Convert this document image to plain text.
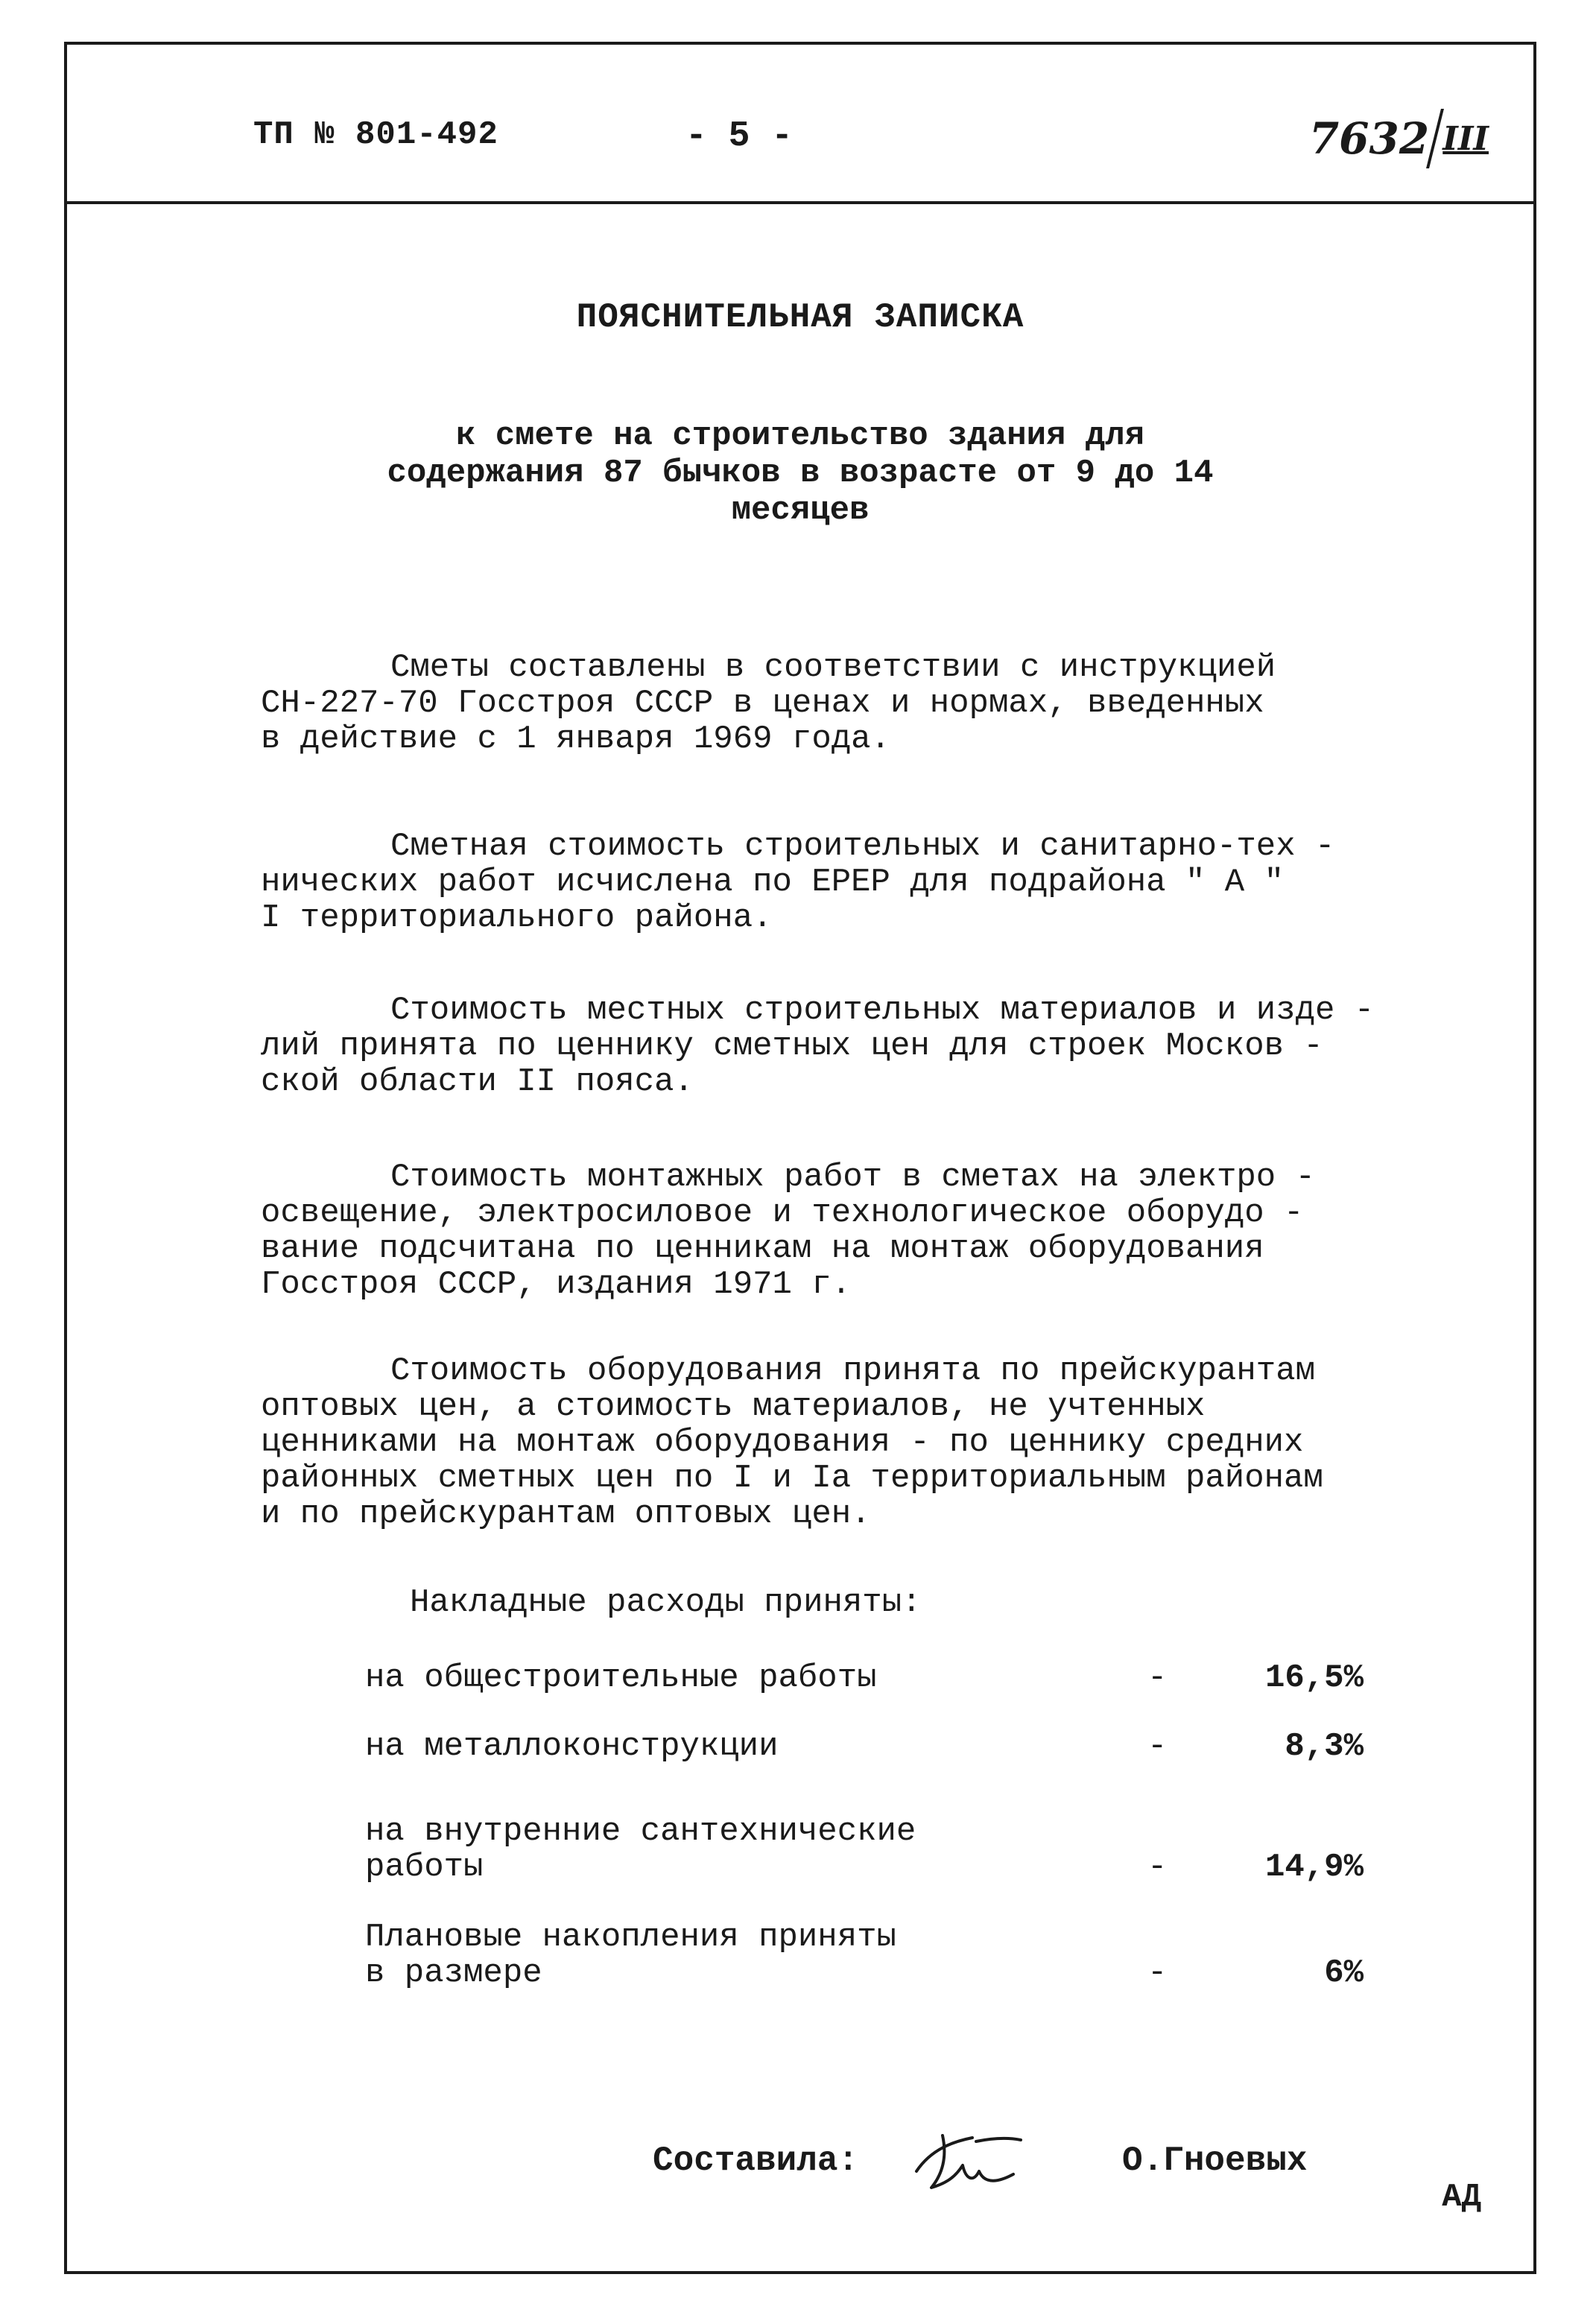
ТП № 801-492	- 5 -	7632 III
ПОЯСНИТЕЛЬНАЯ ЗАПИСКА
к смете на строительство здания для
содержания 87 бычков в возрасте от 9 до 14
месяцев
Сметы составлены в соответствии с инструкцией
СН-227-70 Госстроя СССР в ценах и нормах, введенных
в действие с 1 января 1969 года.
Сметная стоимость строительных и санитарно-тех -
нических работ исчислена по ЕРЕР для подрайона " А "
I территориального района.
Стоимость местных строительных материалов и изде -
лий принята по ценнику сметных цен для строек Москов -
ской области II пояса.
Стоимость монтажных работ в сметах на электро -
освещение, электросиловое и технологическое оборудо -
вание подсчитана по ценникам на монтаж оборудования
Госстроя СССР, издания 1971 г.
Стоимость оборудования принята по прейскурантам
оптовых цен, а стоимость материалов, не учтенных
ценниками на монтаж оборудования - по ценнику средних
районных сметных цен по I и Iа территориальным районам
и по прейскурантам оптовых цен.
Накладные расходы приняты:
на общестроительные работы	-	16,5%
на металлоконструкции	-	8,3%
на внутренние сантехнические
работы	-	14,9%
Плановые накопления приняты
в размере	-	6%
Составила:	О.Гноевых
АД
